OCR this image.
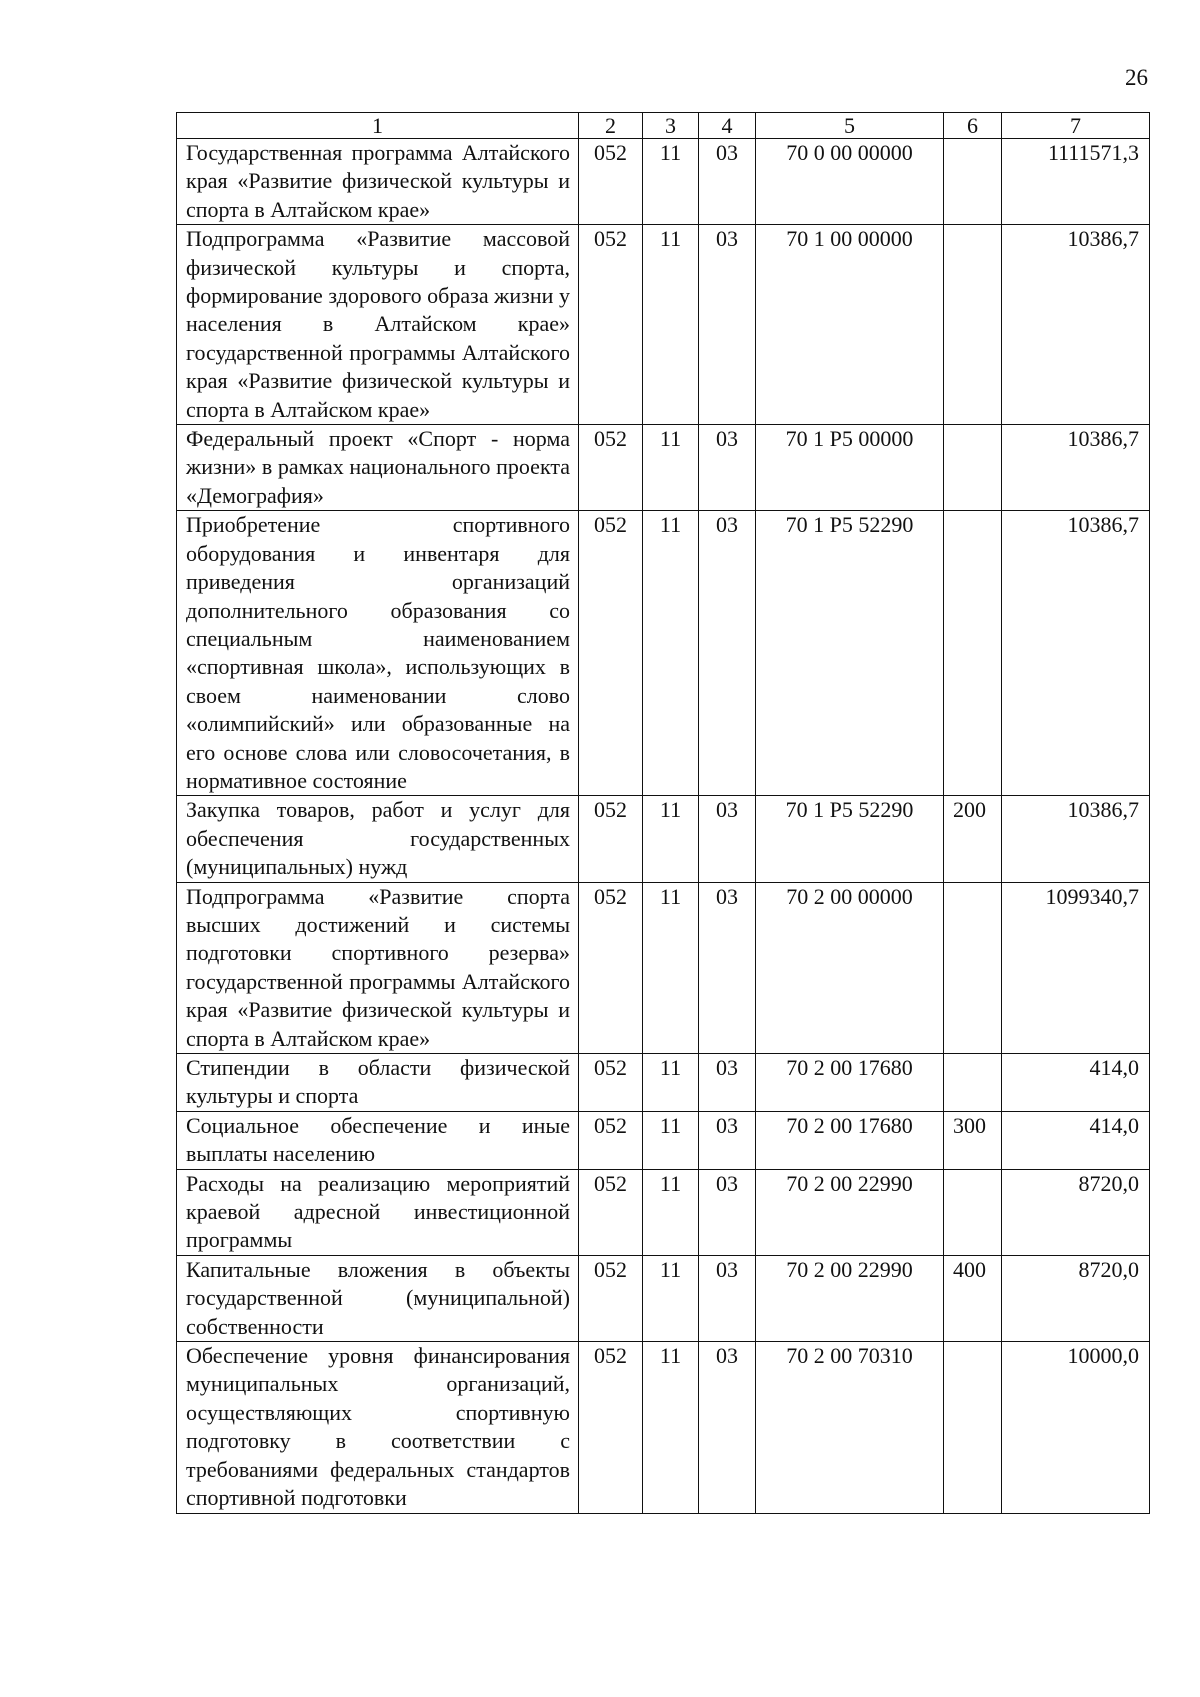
26
1	2	3	4	5	6	7
Государственная программа Алтайского края «Развитие физической культуры и спорта в Алтайском крае»	052	11	03	70 0 00 00000		1111571,3
Подпрограмма «Развитие массовой физической культуры и спорта, формирование здорового образа жизни у населения в Алтайском крае» государственной программы Алтайского края «Развитие физической культуры и спорта в Алтайском крае»	052	11	03	70 1 00 00000		10386,7
Федеральный проект «Спорт - норма жизни» в рамках национального проекта «Демография»	052	11	03	70 1 P5 00000		10386,7
Приобретение спортивного оборудования и инвентаря для приведения организаций дополнительного образования со специальным наименованием «спортивная школа», использующих в своем наименовании слово «олимпийский» или образованные на его основе слова или словосочетания, в нормативное состояние	052	11	03	70 1 P5 52290		10386,7
Закупка товаров, работ и услуг для обеспечения государственных (муниципальных) нужд	052	11	03	70 1 P5 52290	200	10386,7
Подпрограмма «Развитие спорта высших достижений и системы подготовки спортивного резерва» государственной программы Алтайского края «Развитие физической культуры и спорта в Алтайском крае»	052	11	03	70 2 00 00000		1099340,7
Стипендии в области физической культуры и спорта	052	11	03	70 2 00 17680		414,0
Социальное обеспечение и иные выплаты населению	052	11	03	70 2 00 17680	300	414,0
Расходы на реализацию мероприятий краевой адресной инвестиционной программы	052	11	03	70 2 00 22990		8720,0
Капитальные вложения в объекты государственной (муниципальной) собственности	052	11	03	70 2 00 22990	400	8720,0
Обеспечение уровня финансирования муниципальных организаций, осуществляющих спортивную подготовку в соответствии с требованиями федеральных стандартов спортивной подготовки	052	11	03	70 2 00 70310		10000,0
